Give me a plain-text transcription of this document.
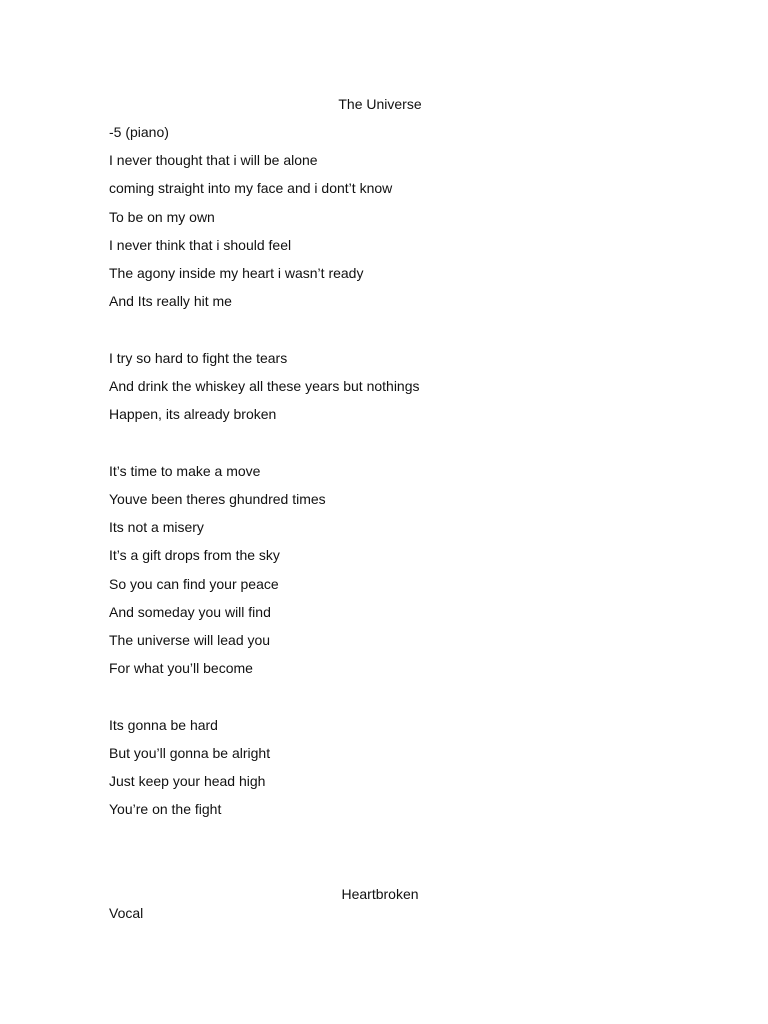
The Universe
-5 (piano)
I never thought that i will be alone
coming straight into my face and i dont’t know
To be on my own
I never think that i should feel
The agony inside my heart i wasn’t ready
And Its really hit me
I try so hard to fight the tears
And drink the whiskey all these years but nothings
Happen, its already broken
It’s time to make a move
Youve been theres ghundred times
Its not a misery
It’s a gift drops from the sky
So you can find your peace
And someday you will find
The universe will lead you
For what you’ll become
Its gonna be hard
But you’ll gonna be alright
Just keep your head high
You’re on the fight
Heartbroken
Vocal
